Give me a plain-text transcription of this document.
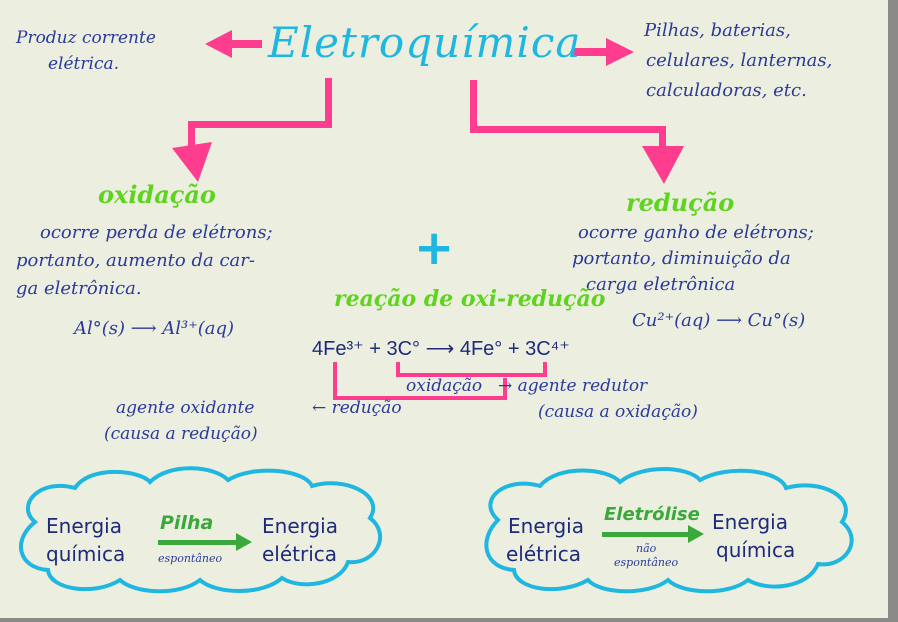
Eletroquímica
Produz corrente
elétrica.
Pilhas, baterias,
celulares, lanternas,
calculadoras, etc.
oxidação
ocorre perda de elétrons;
portanto, aumento da car-
ga eletrônica.
Al°(s) ⟶ Al³⁺(aq)
+
redução
ocorre ganho de elétrons;
portanto, diminuição da
carga eletrônica
Cu²⁺(aq) ⟶ Cu°(s)
reação de oxi-redução
4Fe³⁺ + 3C° ⟶ 4Fe° + 3C⁴⁺
oxidação → agente redutor
(causa a oxidação)
agente oxidante	← redução
(causa a redução)
Energia
química
Pilha
espontâneo
Energia
elétrica
Energia
elétrica
Eletrólise
não
espontâneo
Energia
química
